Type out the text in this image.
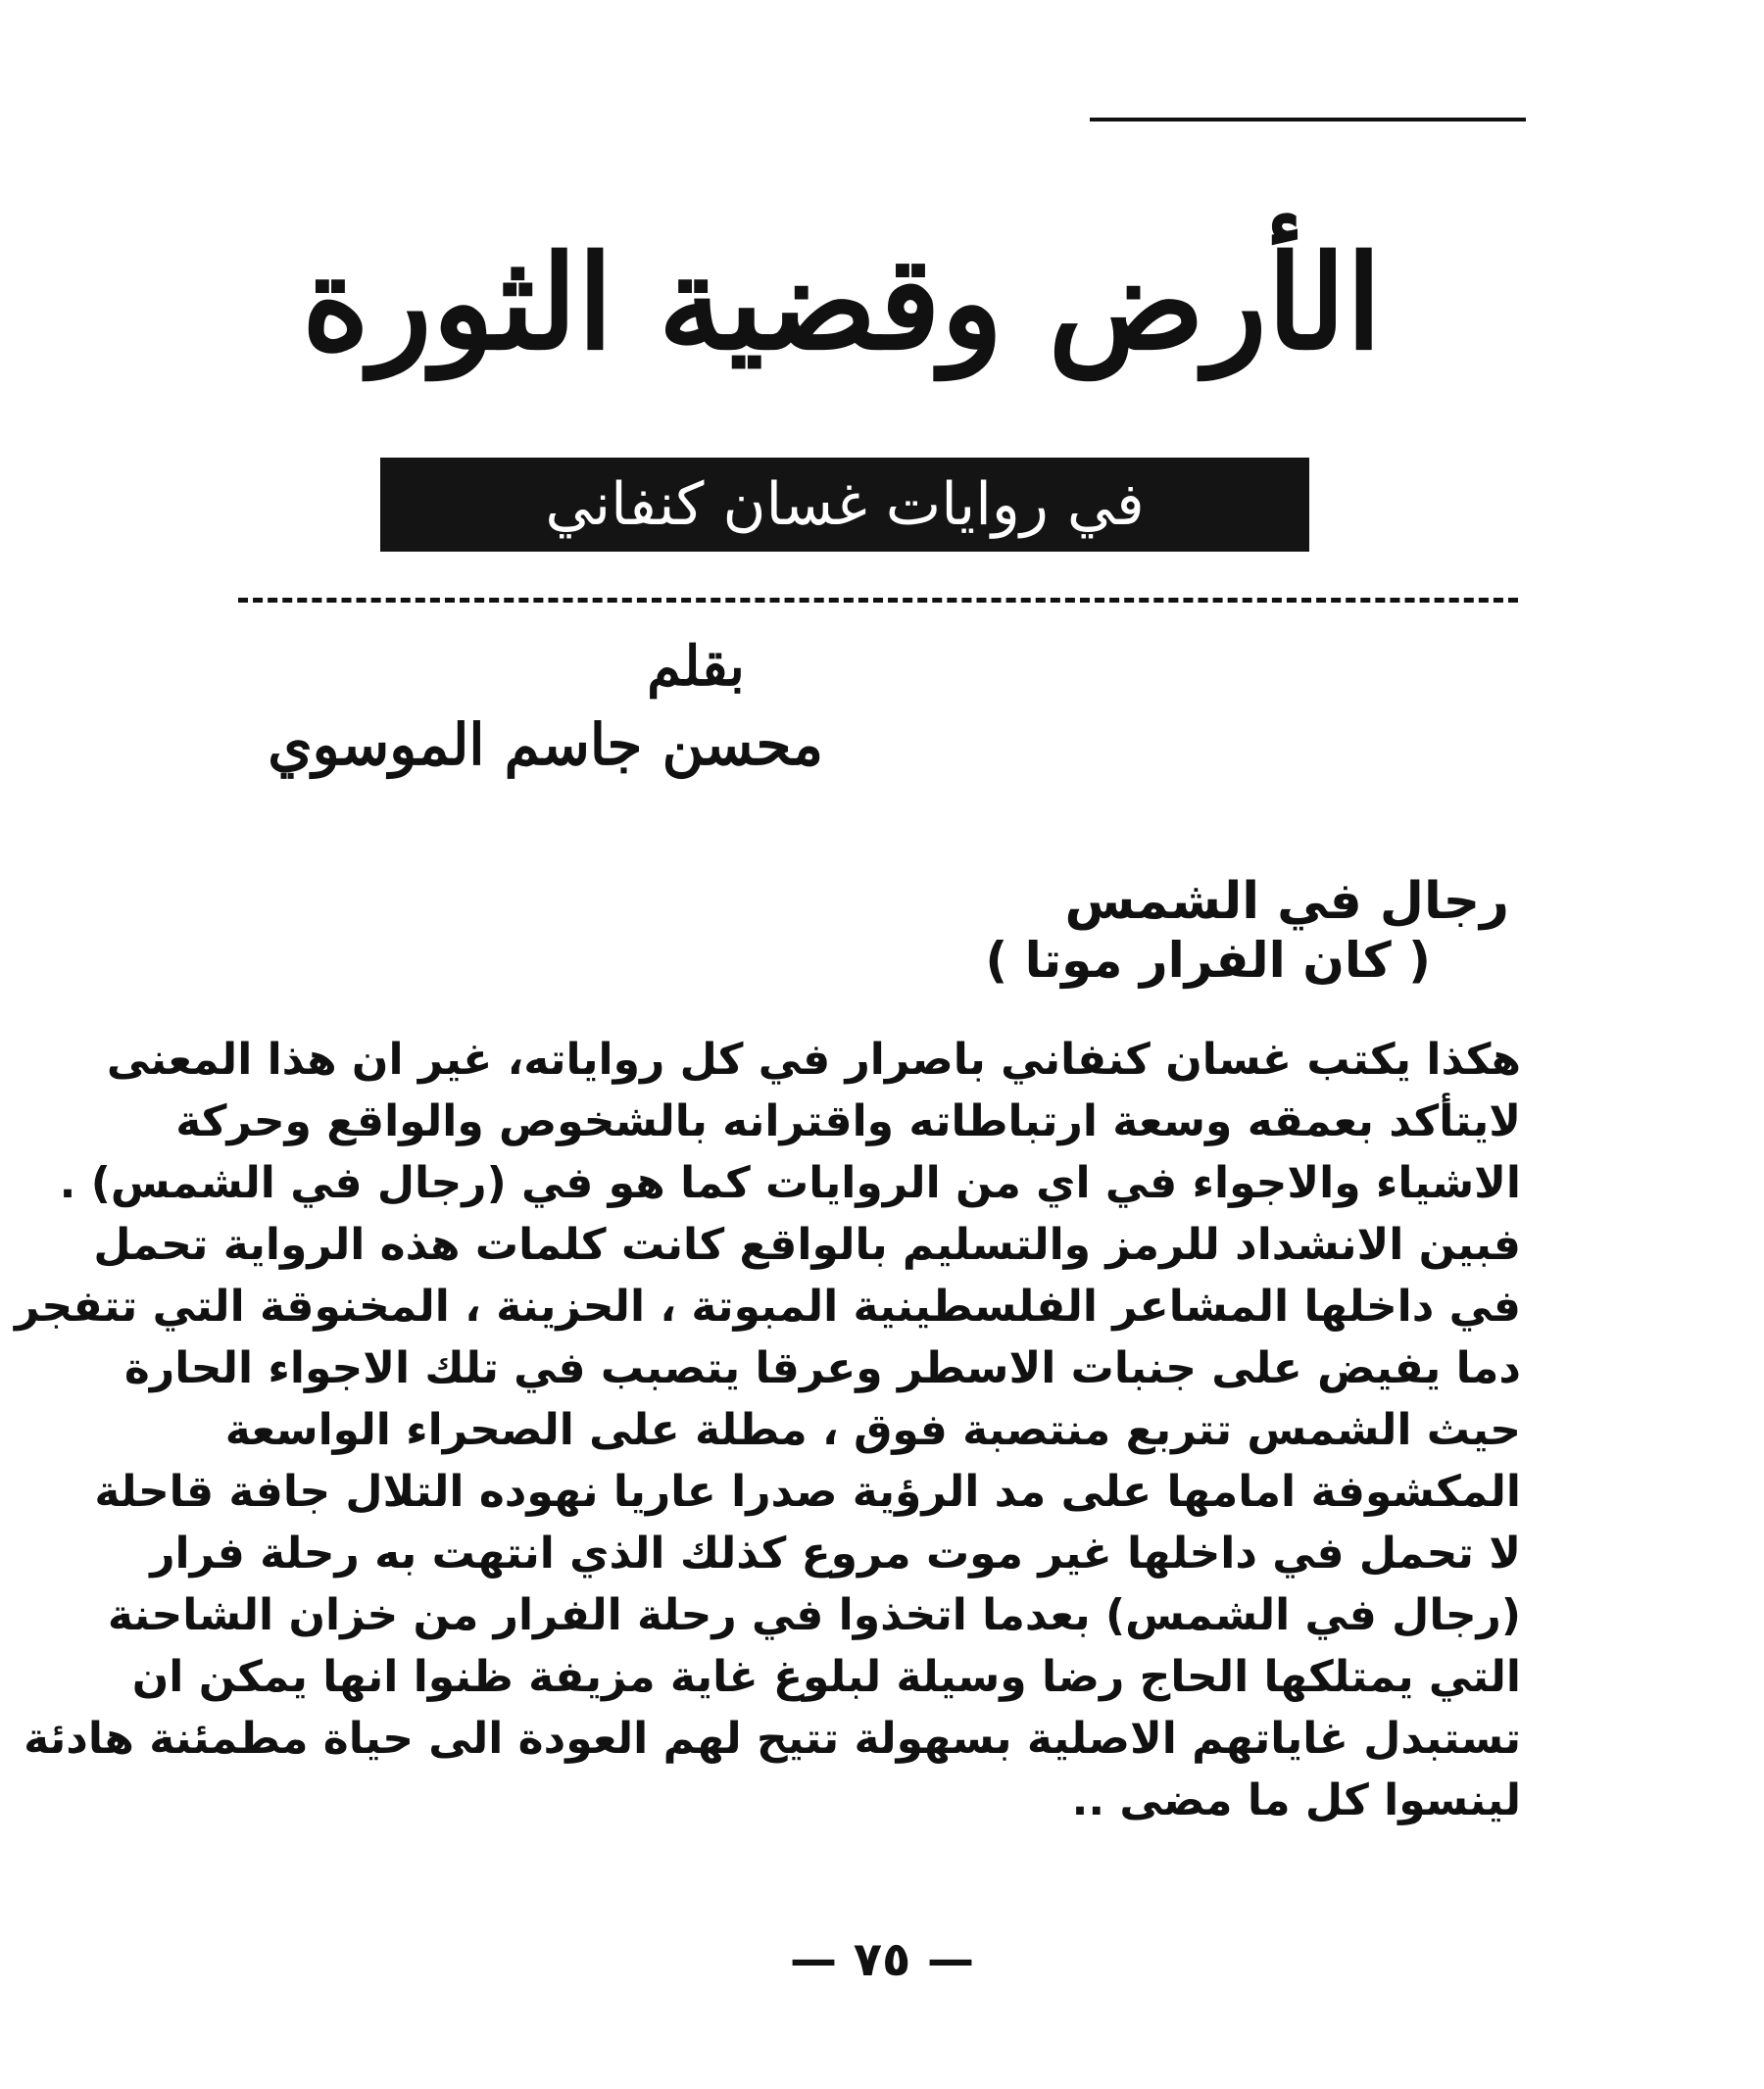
الأرض وقضية الثورة
في روايات غسان كنفاني
بقلم
محسن جاسم الموسوي
رجال في الشمس
( كان الفرار موتا )
هكذا يكتب غسان كنفاني باصرار في كل رواياته، غير ان هذا المعنى
لايتأكد بعمقه وسعة ارتباطاته واقترانه بالشخوص والواقع وحركة
الاشياء والاجواء في اي من الروايات كما هو في (رجال في الشمس) .
فبين الانشداد للرمز والتسليم بالواقع كانت كلمات هذه الرواية تحمل
في داخلها المشاعر الفلسطينية المبوتة ، الحزينة ، المخنوقة التي تتفجر
دما يفيض على جنبات الاسطر وعرقا يتصبب في تلك الاجواء الحارة
حيث الشمس تتربع منتصبة فوق ، مطلة على الصحراء الواسعة
المكشوفة امامها على مد الرؤية صدرا عاريا نهوده التلال جافة قاحلة
لا تحمل في داخلها غير موت مروع كذلك الذي انتهت به رحلة فرار
(رجال في الشمس) بعدما اتخذوا في رحلة الفرار من خزان الشاحنة
التي يمتلكها الحاج رضا وسيلة لبلوغ غاية مزيفة ظنوا انها يمكن ان
تستبدل غاياتهم الاصلية بسهولة تتيح لهم العودة الى حياة مطمئنة هادئة
لينسوا كل ما مضى ..
— ٧٥ —
